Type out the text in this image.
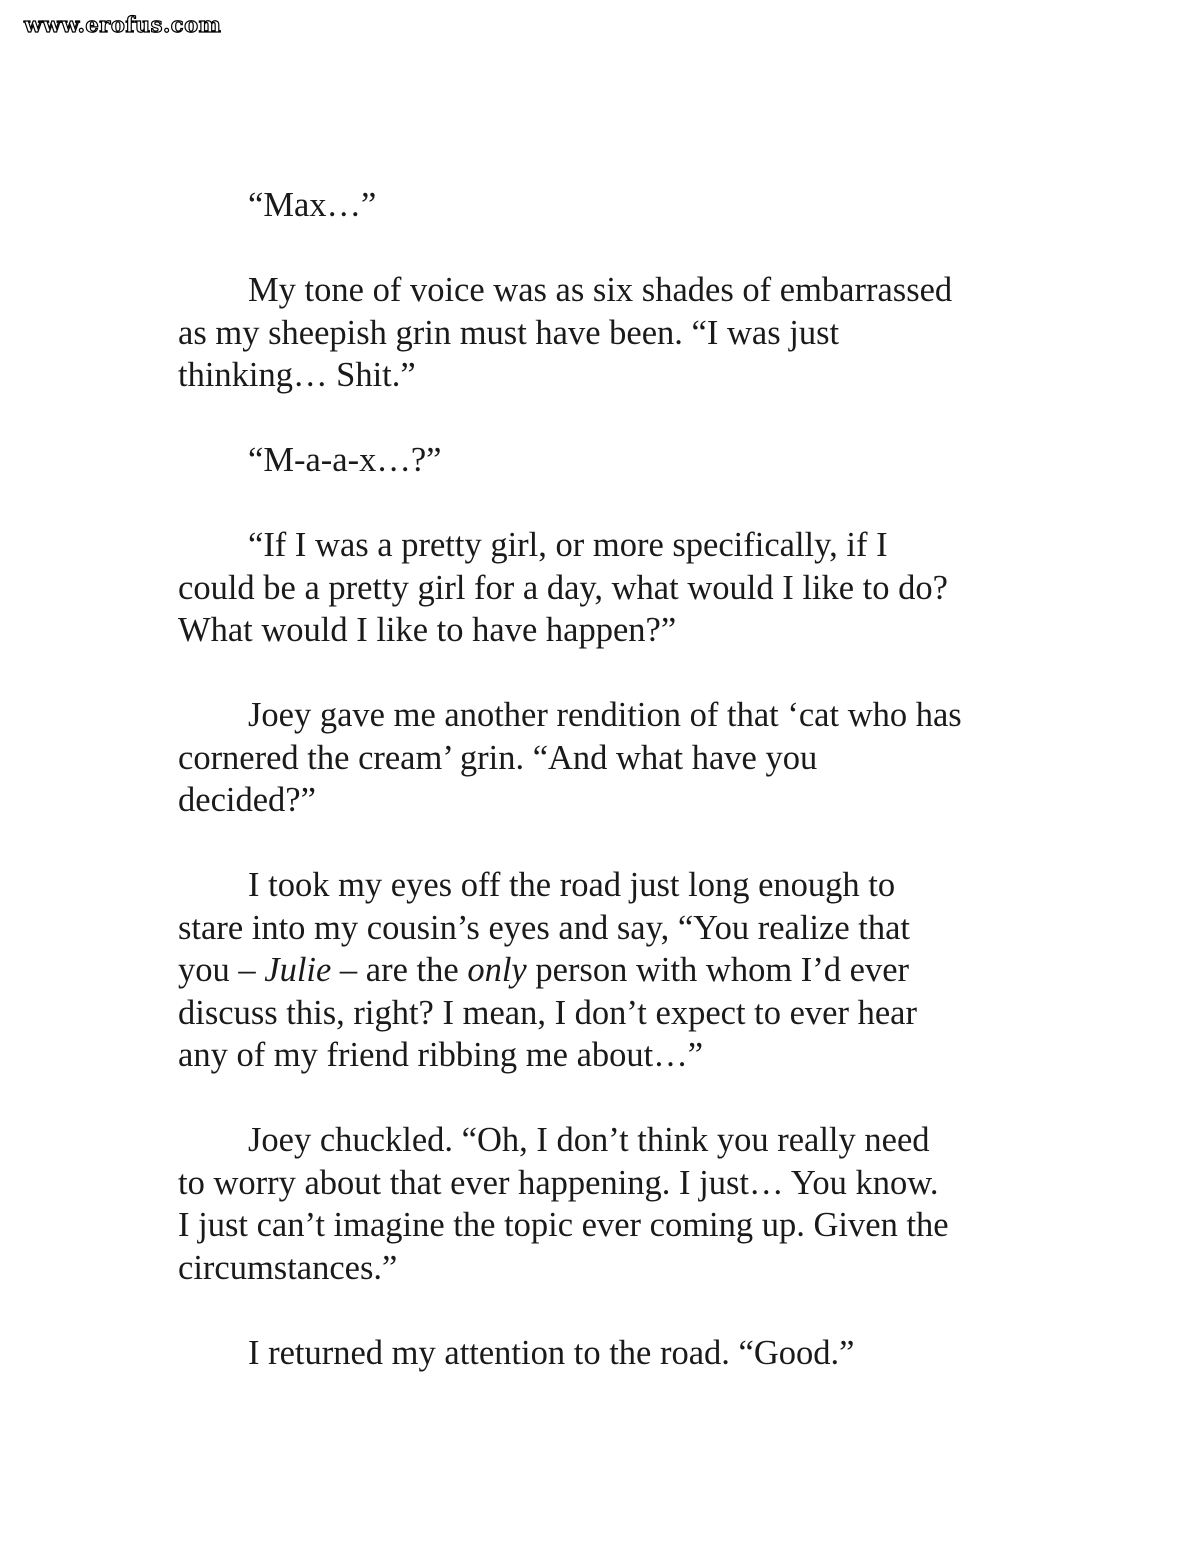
www.erofus.com

“Max…”

My tone of voice was as six shades of embarrassed
as my sheepish grin must have been. “I was just
thinking… Shit.”

“M-a-a-x…?”

“If I was a pretty girl, or more specifically, if I
could be a pretty girl for a day, what would I like to do?
What would I like to have happen?”

Joey gave me another rendition of that ‘cat who has
cornered the cream’ grin. “And what have you
decided?”

I took my eyes off the road just long enough to
stare into my cousin’s eyes and say, “You realize that
you – Julie – are the only person with whom I’d ever
discuss this, right? I mean, I don’t expect to ever hear
any of my friend ribbing me about…”

Joey chuckled. “Oh, I don’t think you really need
to worry about that ever happening. I just… You know.
I just can’t imagine the topic ever coming up. Given the
circumstances.”

I returned my attention to the road. “Good.”
